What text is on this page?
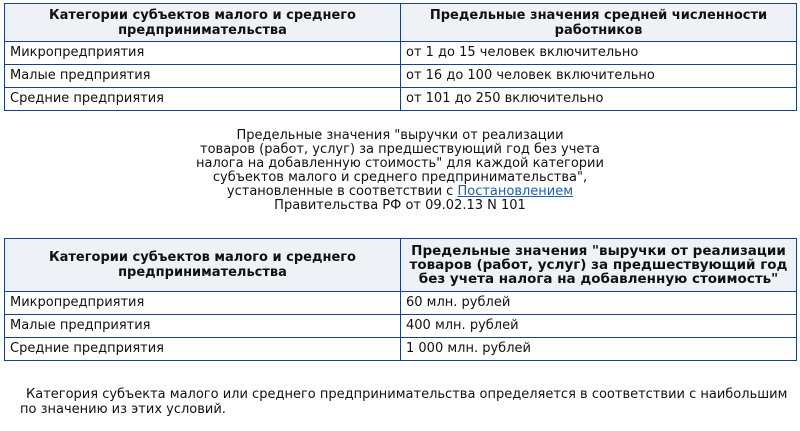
Категории субъектов малого и среднего предпринимательства	Предельные значения средней численности работников
Микропредприятия	от 1 до 15 человек включительно
Малые предприятия	от 16 до 100 человек включительно
Средние предприятия	от 101 до 250 включительно
Предельные значения "выручки от реализации
товаров (работ, услуг) за предшествующий год без учета
налога на добавленную стоимость" для каждой категории
субъектов малого и среднего предпринимательства",
установленные в соответствии с Постановлением
Правительства РФ от 09.02.13 N 101
Категории субъектов малого и среднего предпринимательства	Предельные значения "выручки от реализации товаров (работ, услуг) за предшествующий год без учета налога на добавленную стоимость"
Микропредприятия	60 млн. рублей
Малые предприятия	400 млн. рублей
Средние предприятия	1 000 млн. рублей
Категория субъекта малого или среднего предпринимательства определяется в соответствии с наибольшим по значению из этих условий.
